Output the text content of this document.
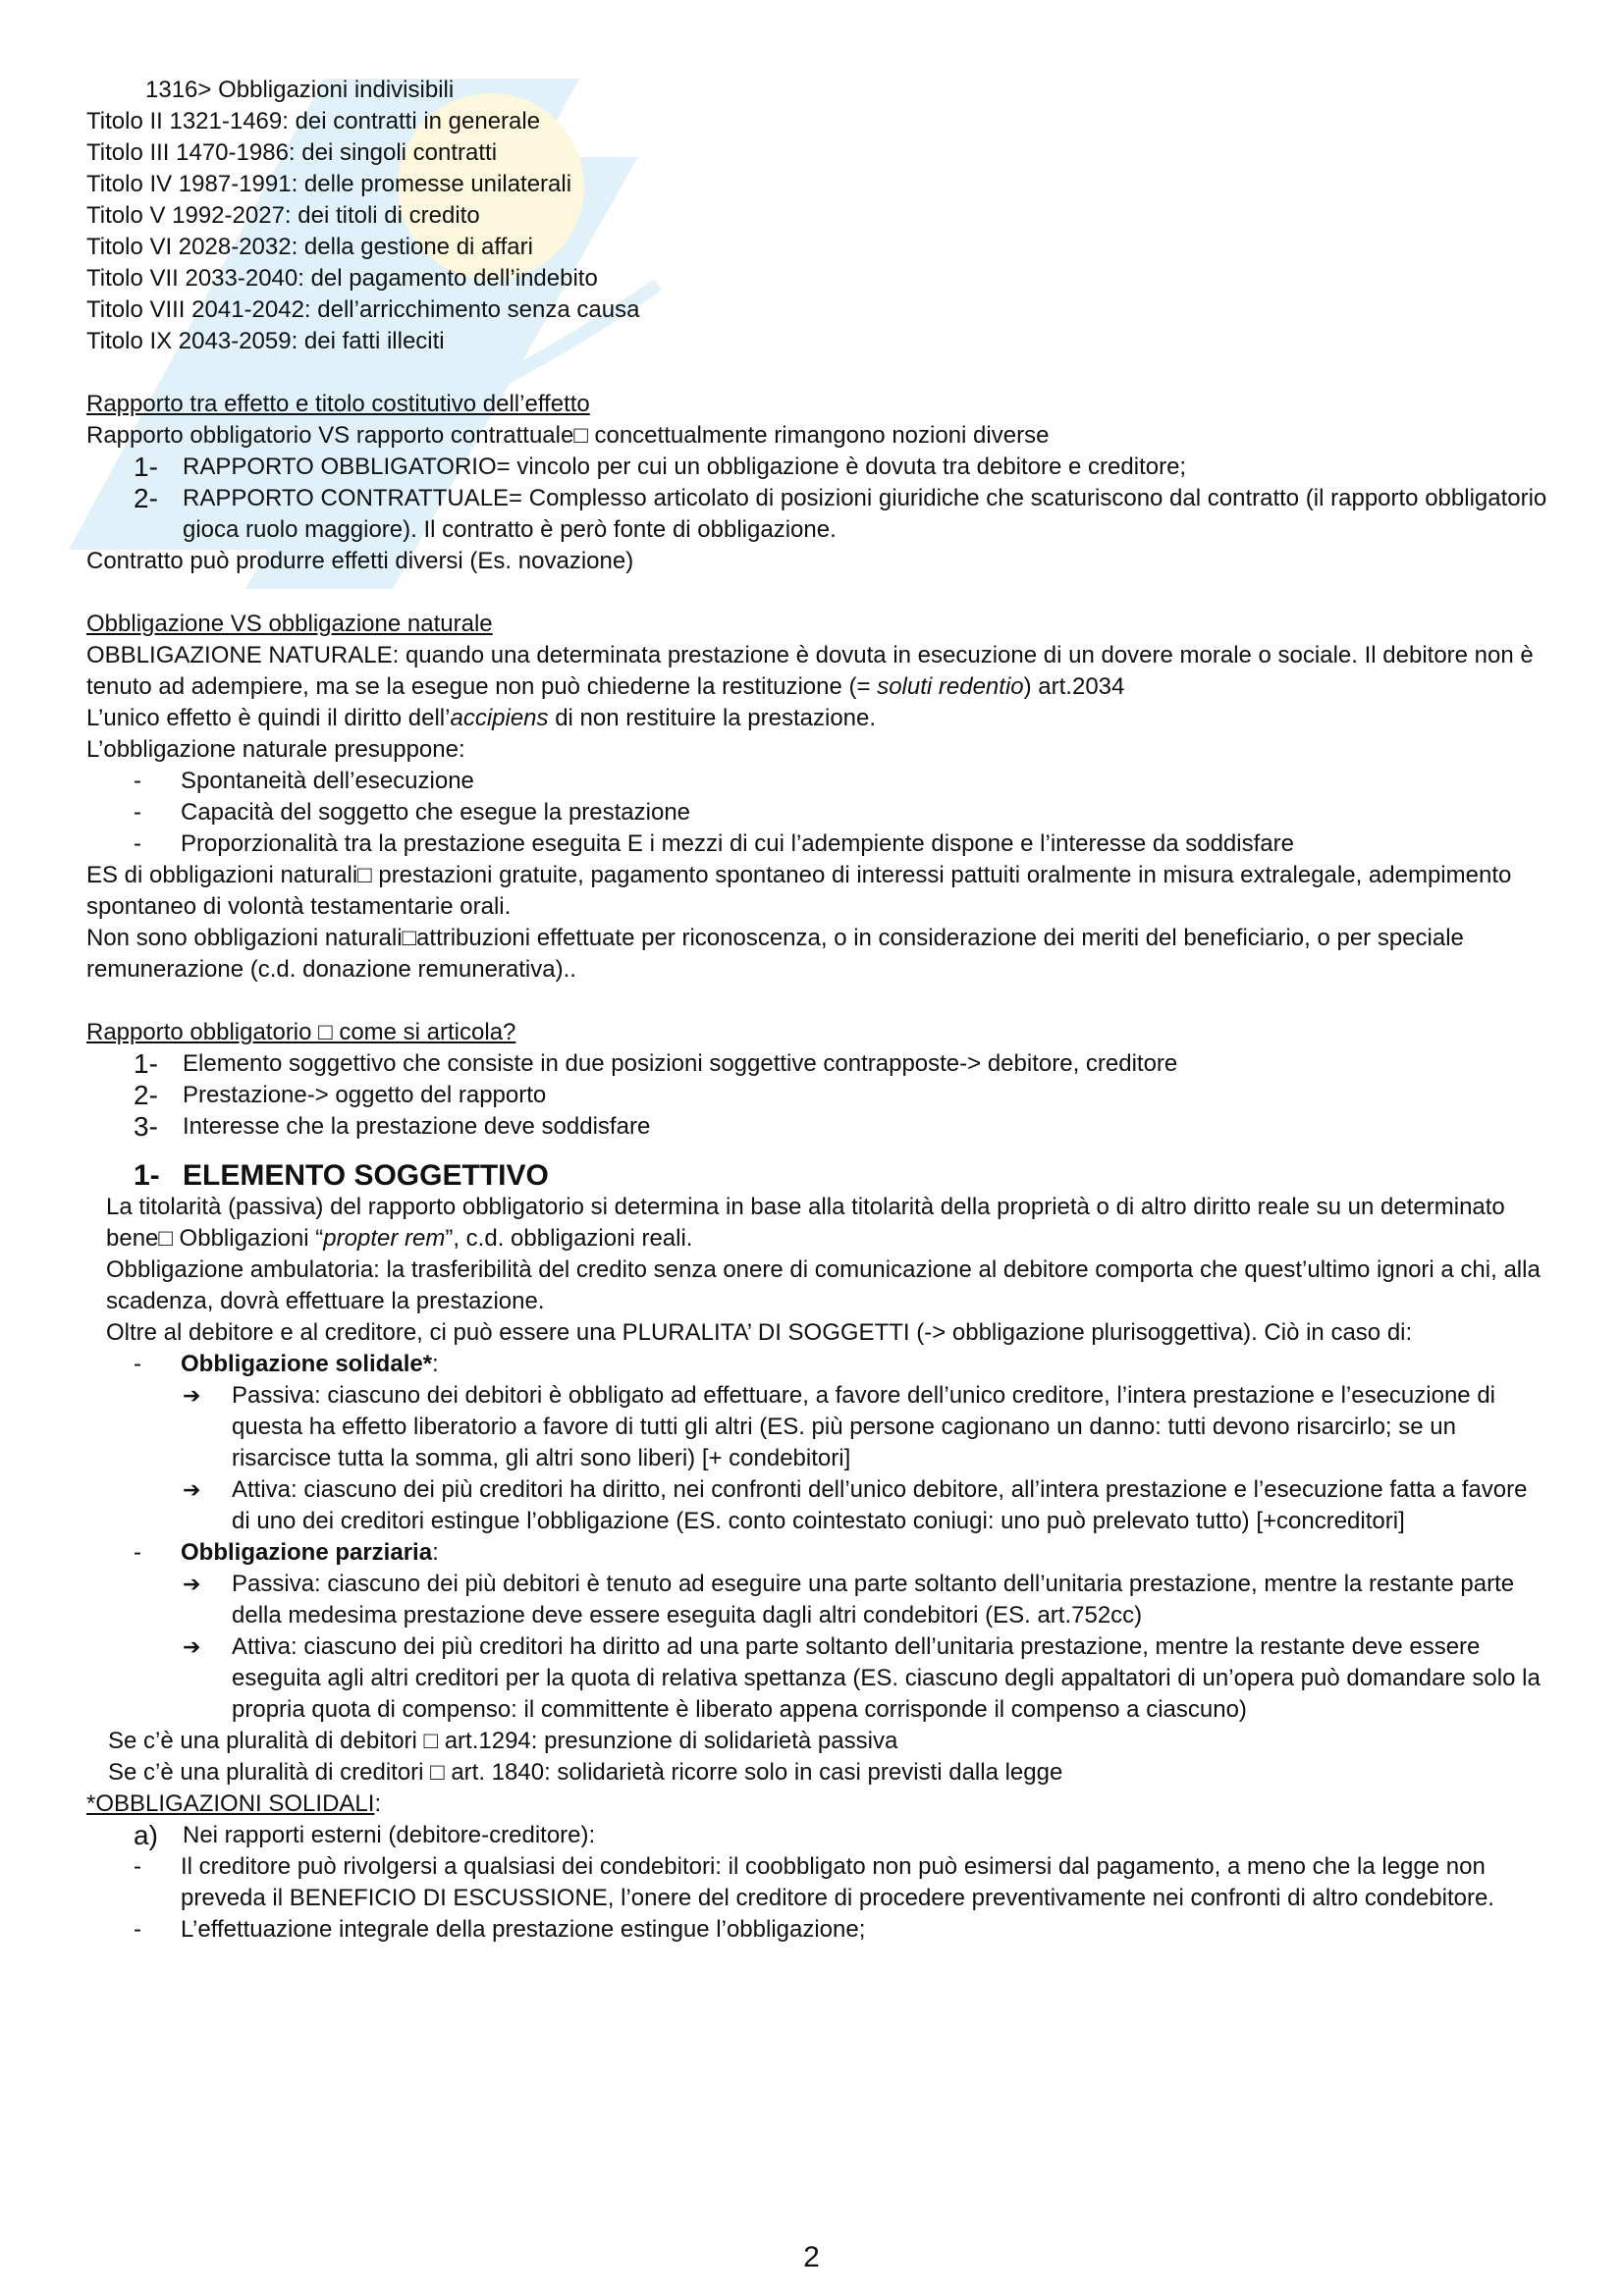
1316> Obbligazioni indivisibili
Titolo II 1321-1469: dei contratti in generale
Titolo III 1470-1986: dei singoli contratti
Titolo IV 1987-1991: delle promesse unilaterali
Titolo V 1992-2027: dei titoli di credito
Titolo VI 2028-2032: della gestione di affari
Titolo VII 2033-2040: del pagamento dell’indebito
Titolo VIII 2041-2042: dell’arricchimento senza causa
Titolo IX 2043-2059: dei fatti illeciti
Rapporto tra effetto e titolo costitutivo dell’effetto
Rapporto obbligatorio VS rapporto contrattuale□ concettualmente rimangono nozioni diverse
1-	RAPPORTO OBBLIGATORIO= vincolo per cui un obbligazione è dovuta tra debitore e creditore;
2-	RAPPORTO CONTRATTUALE= Complesso articolato di posizioni giuridiche che scaturiscono dal contratto (il rapporto obbligatorio gioca ruolo maggiore). Il contratto è però fonte di obbligazione.
Contratto può produrre effetti diversi (Es. novazione)
Obbligazione VS obbligazione naturale
OBBLIGAZIONE NATURALE: quando una determinata prestazione è dovuta in esecuzione di un dovere morale o sociale. Il debitore non è tenuto ad adempiere, ma se la esegue non può chiederne la restituzione (= soluti redentio) art.2034
L’unico effetto è quindi il diritto dell’accipiens di non restituire la prestazione.
L’obbligazione naturale presuppone:
-	Spontaneità dell’esecuzione
-	Capacità del soggetto che esegue la prestazione
-	Proporzionalità tra la prestazione eseguita E i mezzi di cui l’adempiente dispone e l’interesse da soddisfare
ES di obbligazioni naturali□ prestazioni gratuite, pagamento spontaneo di interessi pattuiti oralmente in misura extralegale, adempimento spontaneo di volontà testamentarie orali.
Non sono obbligazioni naturali□attribuzioni effettuate per riconoscenza, o in considerazione dei meriti del beneficiario, o per speciale remunerazione (c.d. donazione remunerativa)..
Rapporto obbligatorio □ come si articola?
1-	Elemento soggettivo che consiste in due posizioni soggettive contrapposte-> debitore, creditore
2-	Prestazione-> oggetto del rapporto
3-	Interesse che la prestazione deve soddisfare
1- ELEMENTO SOGGETTIVO
La titolarità (passiva) del rapporto obbligatorio si determina in base alla titolarità della proprietà o di altro diritto reale su un determinato bene□ Obbligazioni “propter rem”, c.d. obbligazioni reali.
Obbligazione ambulatoria: la trasferibilità del credito senza onere di comunicazione al debitore comporta che quest’ultimo ignori a chi, alla scadenza, dovrà effettuare la prestazione.
Oltre al debitore e al creditore, ci può essere una PLURALITA’ DI SOGGETTI (-> obbligazione plurisoggettiva). Ciò in caso di:
-	Obbligazione solidale*:
➔	Passiva: ciascuno dei debitori è obbligato ad effettuare, a favore dell’unico creditore, l’intera prestazione e l’esecuzione di questa ha effetto liberatorio a favore di tutti gli altri (ES. più persone cagionano un danno: tutti devono risarcirlo; se un risarcisce tutta la somma, gli altri sono liberi) [+ condebitori]
➔	Attiva: ciascuno dei più creditori ha diritto, nei confronti dell’unico debitore, all’intera prestazione e l’esecuzione fatta a favore di uno dei creditori estingue l’obbligazione (ES. conto cointestato coniugi: uno può prelevato tutto) [+concreditori]
-	Obbligazione parziaria:
➔	Passiva: ciascuno dei più debitori è tenuto ad eseguire una parte soltanto dell’unitaria prestazione, mentre la restante parte della medesima prestazione deve essere eseguita dagli altri condebitori (ES. art.752cc)
➔	Attiva: ciascuno dei più creditori ha diritto ad una parte soltanto dell’unitaria prestazione, mentre la restante deve essere eseguita agli altri creditori per la quota di relativa spettanza (ES. ciascuno degli appaltatori di un’opera può domandare solo la propria quota di compenso: il committente è liberato appena corrisponde il compenso a ciascuno)
Se c’è una pluralità di debitori □ art.1294: presunzione di solidarietà passiva
Se c’è una pluralità di creditori □ art. 1840: solidarietà ricorre solo in casi previsti dalla legge
*OBBLIGAZIONI SOLIDALI:
a)	Nei rapporti esterni (debitore-creditore):
-	Il creditore può rivolgersi a qualsiasi dei condebitori: il coobbligato non può esimersi dal pagamento, a meno che la legge non preveda il BENEFICIO DI ESCUSSIONE, l’onere del creditore di procedere preventivamente nei confronti di altro condebitore.
-	L’effettuazione integrale della prestazione estingue l’obbligazione;
2
